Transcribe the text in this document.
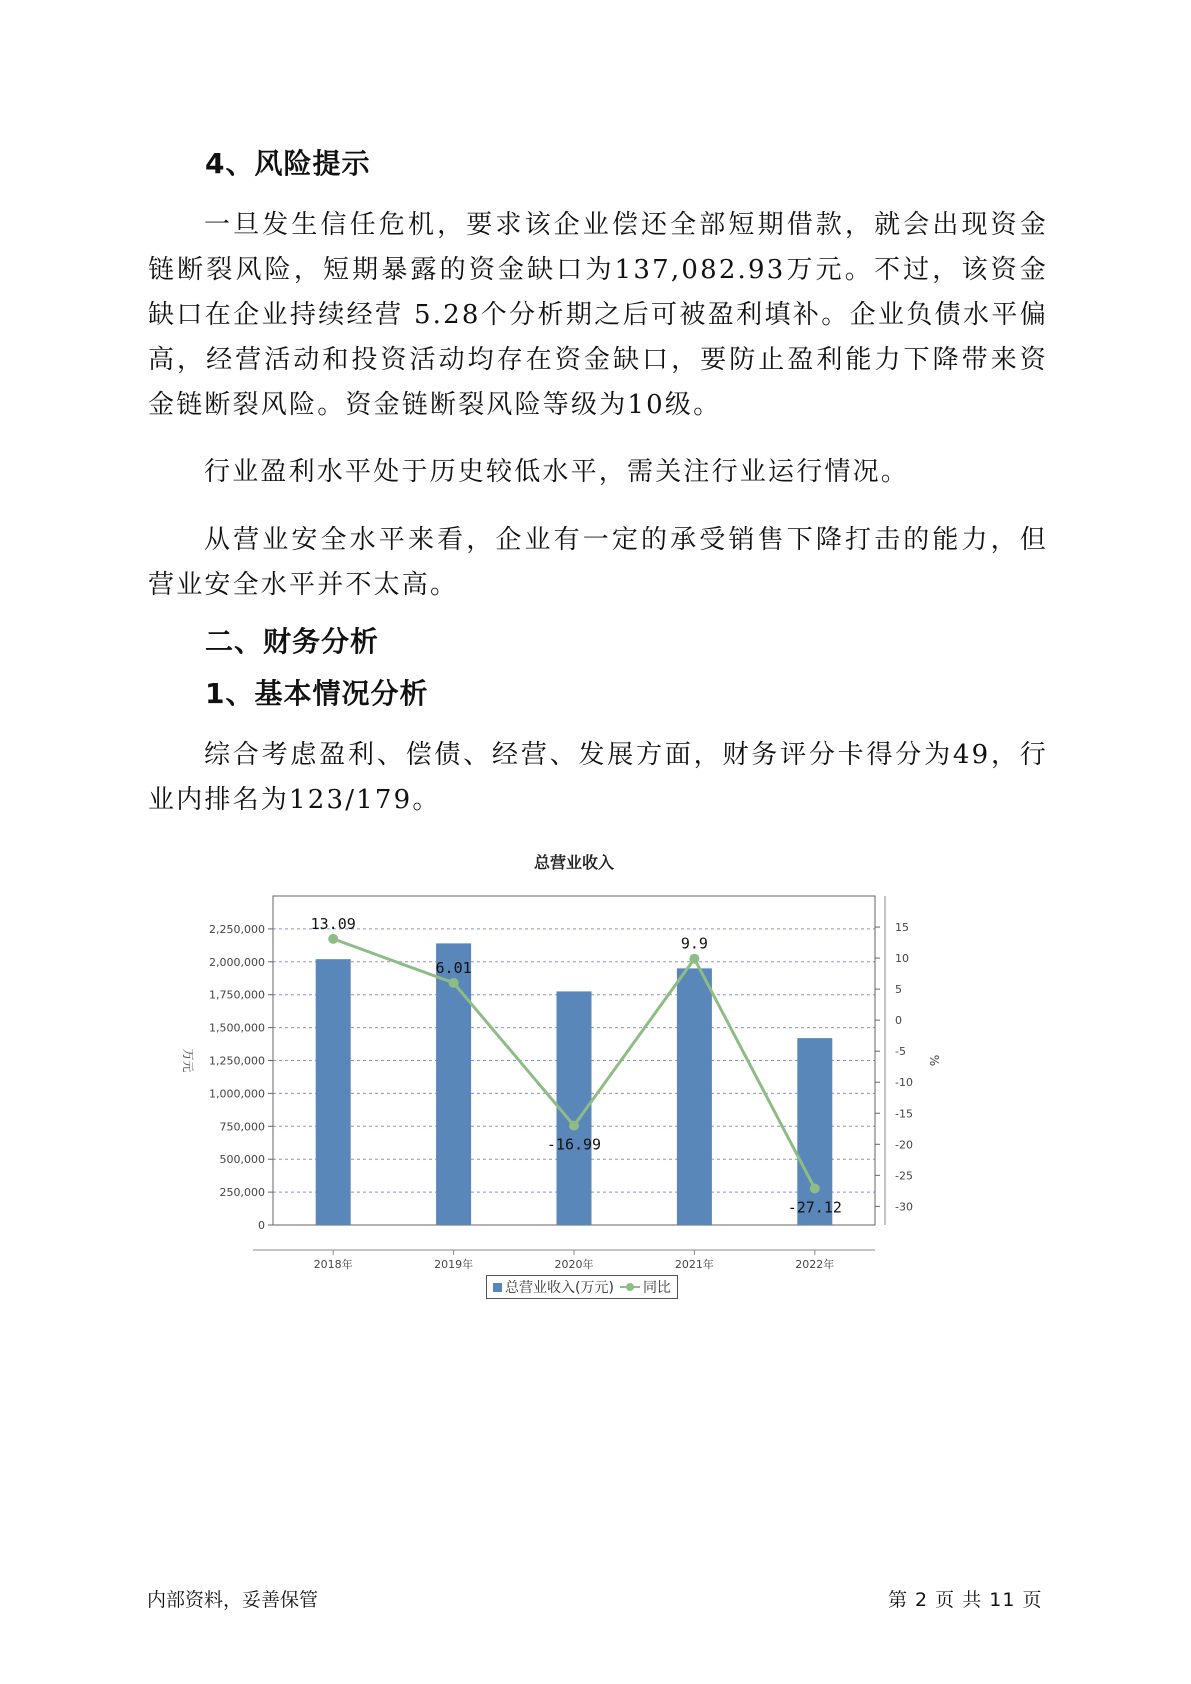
4、风险提示

一旦发生信任危机，要求该企业偿还全部短期借款，就会出现资金链断裂风险，短期暴露的资金缺口为137,082.93万元。不过，该资金缺口在企业持续经营 5.28个分析期之后可被盈利填补。企业负债水平偏高，经营活动和投资活动均存在资金缺口，要防止盈利能力下降带来资金链断裂风险。资金链断裂风险等级为10级。

行业盈利水平处于历史较低水平，需关注行业运行情况。

从营业安全水平来看，企业有一定的承受销售下降打击的能力，但营业安全水平并不太高。

二、财务分析
1、基本情况分析

综合考虑盈利、偿债、经营、发展方面，财务评分卡得分为49，行业内排名为123/179。

总营业收入
0
250,000
500,000
750,000
1,000,000
1,250,000
1,500,000
1,750,000
2,000,000
2,250,000	15
10
5
0
-5
-10
-15
-20
-25
-30
万元	%
2018年	2019年	2020年	2021年	2022年
13.09
6.01
-16.99
9.9
-27.12
总营业收入(万元) 同比

内部资料，妥善保管	第 2 页 共 11 页
